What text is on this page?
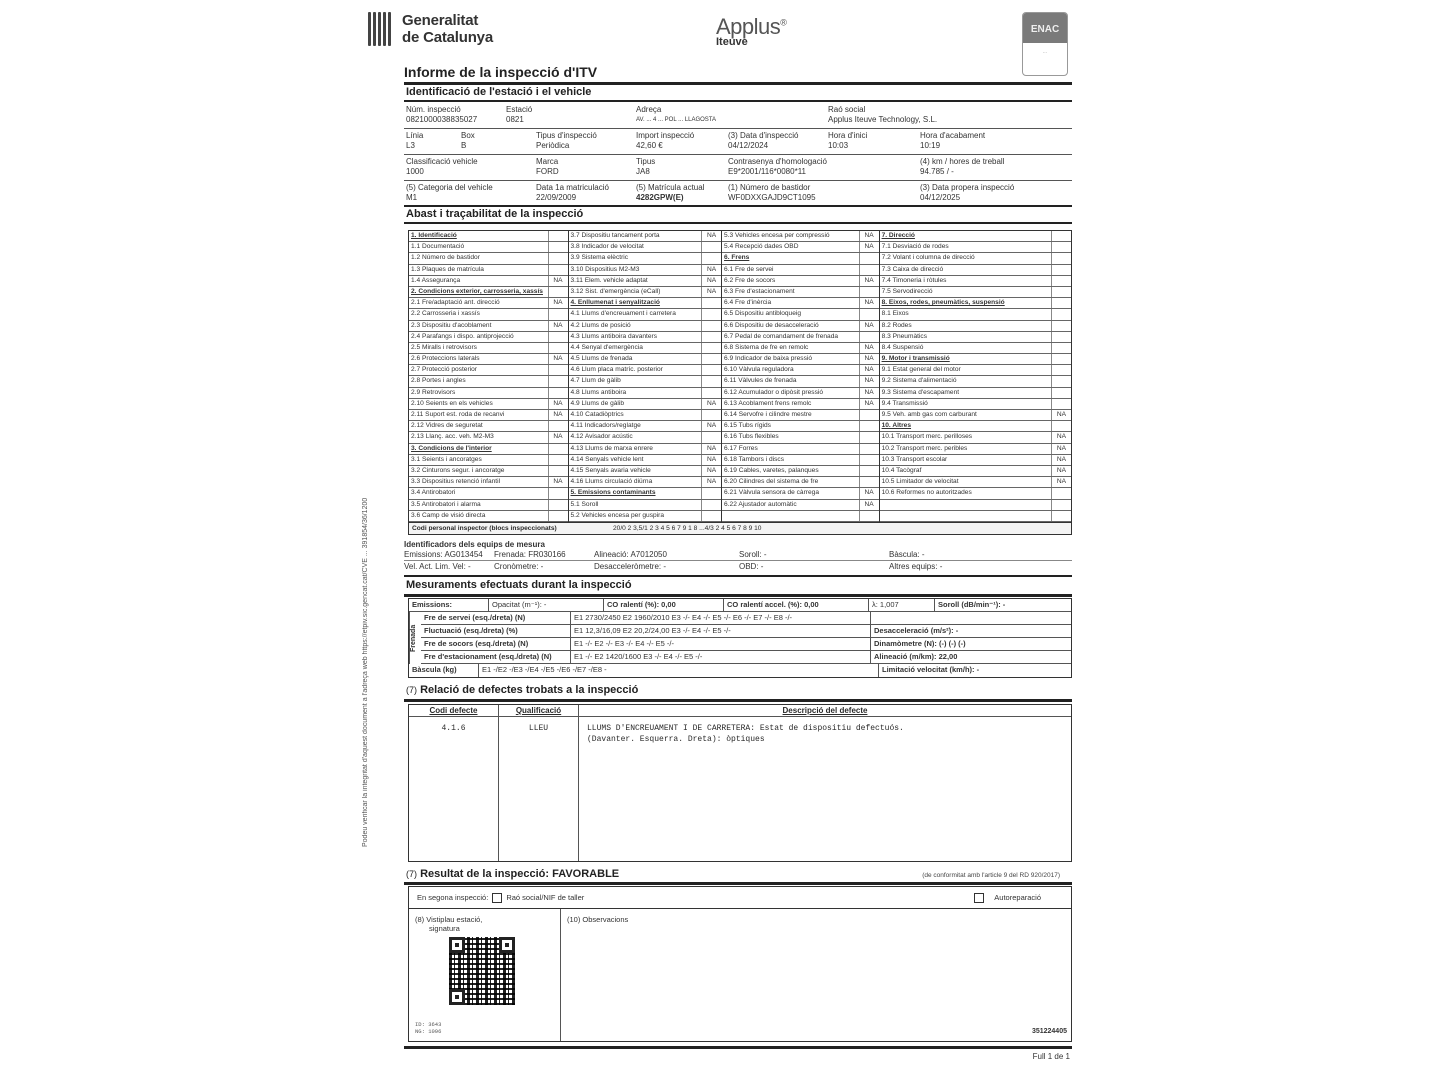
Podeu verificar la integritat d'aquest document a l'adreça web https://etpiv.sic.gencat.cat/CVE ... 391854/36/1200
Generalitat
de Catalunya	Applus®
Iteuve
ENAC
...
Informe de la inspecció d'ITV
Identificació de l'estació i el vehicle
Núm. inspecció
0821000038835027
Estació
0821
Adreça
AV. ... 4 ... POL ... LLAGOSTA
Raó social
Applus Iteuve Technology, S.L.
Línia
L3
Box
B
Tipus d'inspecció
Periòdica
Import inspecció
42,60 €
(3) Data d'inspecció
04/12/2024
Hora d'inici
10:03
Hora d'acabament
10:19
Classificació vehicle
1000
Marca
FORD
Tipus
JA8
Contrasenya d'homologació
E9*2001/116*0080*11
(4) km / hores de treball
94.785 / -
(5) Categoria del vehicle
M1
Data 1a matriculació
22/09/2009
(5) Matrícula actual
4282GPW(E)
(1) Número de bastidor
WF0DXXGAJD9CT1095
(3) Data propera inspecció
04/12/2025
Abast i traçabilitat de la inspecció
1. Identificació
1.1 Documentació
1.2 Número de bastidor
1.3 Plaques de matrícula
1.4 Assegurança	NA
2. Condicions exterior, carrosseria, xassís
2.1 Fre/adaptació ant. direcció	NA
2.2 Carrosseria i xassís
2.3 Dispositiu d'acoblament	NA
2.4 Parafangs i dispo. antiprojecció
2.5 Miralls i retrovisors
2.6 Proteccions laterals	NA
2.7 Protecció posterior
2.8 Portes i angles
2.9 Retrovisors
2.10 Seients en els vehicles	NA
2.11 Suport est. roda de recanvi	NA
2.12 Vidres de seguretat
2.13 Llanç. acc. veh. M2-M3	NA
3. Condicions de l'interior
3.1 Seients i ancoratges
3.2 Cinturons segur. i ancoratge
3.3 Dispositius retenció infantil	NA
3.4 Antirobatori
3.5 Antirobatori i alarma
3.6 Camp de visió directa
3.7 Dispositiu tancament porta	NA
3.8 Indicador de velocitat
3.9 Sistema elèctric
3.10 Dispositius M2-M3	NA
3.11 Elem. vehicle adaptat	NA
3.12 Sist. d'emergència (eCall)	NA
4. Enllumenat i senyalització
4.1 Llums d'encreuament i carretera
4.2 Llums de posició
4.3 Llums antiboira davanters
4.4 Senyal d'emergència
4.5 Llums de frenada
4.6 Llum placa matríc. posterior
4.7 Llum de gàlib
4.8 Llums antiboira
4.9 Llums de gàlib	NA
4.10 Catadiòptrics
4.11 Indicadors/reglatge	NA
4.12 Avisador acústic
4.13 Llums de marxa enrere	NA
4.14 Senyals vehicle lent	NA
4.15 Senyals avaria vehicle	NA
4.16 Llums circulació diürna	NA
5. Emissions contaminants
5.1 Soroll
5.2 Vehicles encesa per guspira
5.3 Vehicles encesa per compressió	NA
5.4 Recepció dades OBD	NA
6. Frens
6.1 Fre de servei
6.2 Fre de socors	NA
6.3 Fre d'estacionament
6.4 Fre d'inèrcia	NA
6.5 Dispositiu antibloqueig
6.6 Dispositiu de desacceleració	NA
6.7 Pedal de comandament de frenada
6.8 Sistema de fre en remolc	NA
6.9 Indicador de baixa pressió	NA
6.10 Vàlvula reguladora	NA
6.11 Vàlvules de frenada	NA
6.12 Acumulador o dipòsit pressió	NA
6.13 Acoblament frens remolc	NA
6.14 Servofre i cilindre mestre
6.15 Tubs rígids
6.16 Tubs flexibles
6.17 Forres
6.18 Tambors i discs
6.19 Cables, varetes, palanques
6.20 Cilindres del sistema de fre
6.21 Vàlvula sensora de càrrega	NA
6.22 Ajustador automàtic	NA
7. Direcció
7.1 Desviació de rodes
7.2 Volant i columna de direcció
7.3 Caixa de direcció
7.4 Timoneria i ròtules
7.5 Servodirecció
8. Eixos, rodes, pneumàtics, suspensió
8.1 Eixos
8.2 Rodes
8.3 Pneumàtics
8.4 Suspensió
9. Motor i transmissió
9.1 Estat general del motor
9.2 Sistema d'alimentació
9.3 Sistema d'escapament
9.4 Transmissió
9.5 Veh. amb gas com carburant	NA
10. Altres
10.1 Transport merc. perilloses	NA
10.2 Transport merc. peribles	NA
10.3 Transport escolar	NA
10.4 Tacògraf	NA
10.5 Limitador de velocitat	NA
10.6 Reformes no autoritzades
Codi personal inspector (blocs inspeccionats)	20/0 2 3,5/1 2 3 4 5 6 7 9 1 8 ...4/3 2 4 5 6 7 8 9 10
Identificadors dels equips de mesura
Emissions: AG013454	Frenada: FR030166	Alineació: A7012050	Soroll: -	Bàscula: -
Vel. Act. Lim. Vel: -	Cronòmetre: -	Desacceleròmetre: -	OBD: -	Altres equips: -
Mesuraments efectuats durant la inspecció
Emissions:	Opacitat (m⁻¹): -	CO ralentí (%): 0,00	CO ralentí accel. (%): 0,00	λ: 1,007	Soroll (dB/min⁻¹): -
Frenada
Fre de servei (esq./dreta) (N)	E1 2730/2450 E2 1960/2010 E3 -/- E4 -/- E5 -/- E6 -/- E7 -/- E8 -/-
Fluctuació (esq./dreta) (%)	E1 12,3/16,09 E2 20,2/24,00 E3 -/- E4 -/- E5 -/-	Desacceleració (m/s²): -
Fre de socors (esq./dreta) (N)	E1 -/- E2 -/- E3 -/- E4 -/- E5 -/-	Dinamòmetre (N): (-) (-) (-)
Fre d'estacionament (esq./dreta) (N)	E1 -/- E2 1420/1600 E3 -/- E4 -/- E5 -/-	Alineació (m/km): 22,00
Bàscula (kg)	E1 -/E2 -/E3 -/E4 -/E5 -/E6 -/E7 -/E8 -	Limitació velocitat (km/h): -
(7) Relació de defectes trobats a la inspecció
Codi defecte	Qualificació	Descripció del defecte
4.1.6	LLEU	LLUMS D'ENCREUAMENT I DE CARRETERA: Estat de dispositiu defectuós.
(Davanter. Esquerra. Dreta): òptiques
(7) Resultat de la inspecció: FAVORABLE	(de conformitat amb l'article 9 del RD 920/2017)
En segona inspecció: Raó social/NIF de taller	Autoreparació
(8) Vistiplau estació,
signatura
ID: 3643
NG: 1096
(10) Observacions
351224405
Full 1 de 1
